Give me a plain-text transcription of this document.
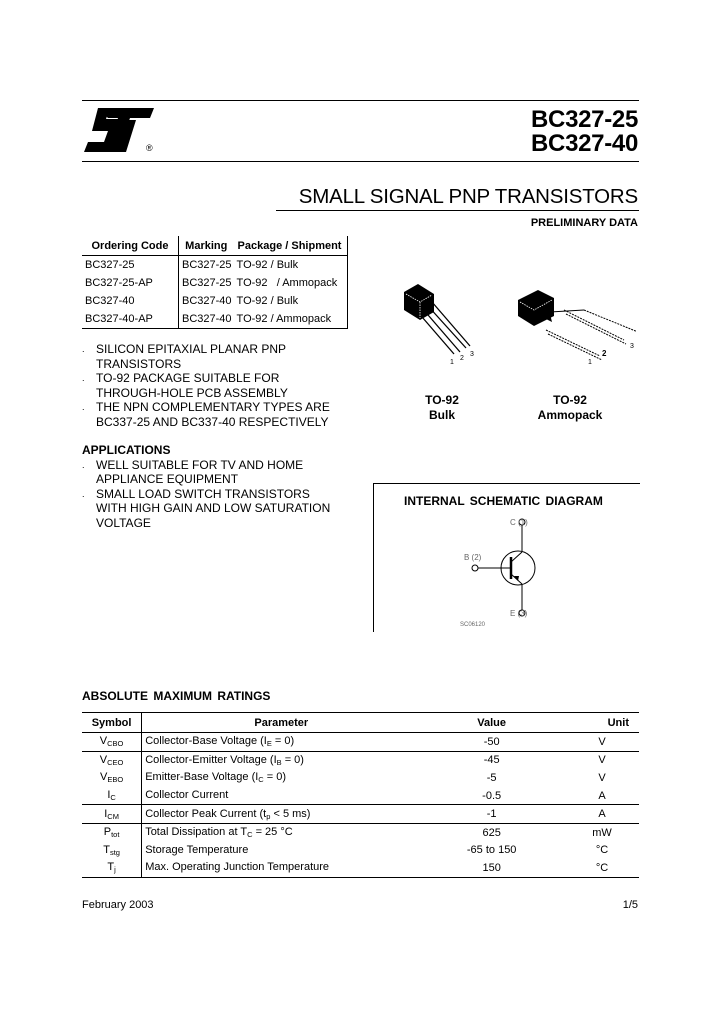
®
BC327-25
BC327-40
SMALL SIGNAL PNP TRANSISTORS
PRELIMINARY DATA
Ordering Code	Marking	Package / Shipment
BC327-25	BC327-25	TO-92 / Bulk
BC327-25-AP	BC327-25	TO-92   / Ammopack
BC327-40	BC327-40	TO-92 / Bulk
BC327-40-AP	BC327-40	TO-92 / Ammopack
. SILICON EPITAXIAL PLANAR PNP
TRANSISTORS
. TO-92 PACKAGE SUITABLE FOR
THROUGH-HOLE PCB ASSEMBLY
. THE NPN COMPLEMENTARY TYPES ARE
BC337-25 AND BC337-40 RESPECTIVELY
APPLICATIONS
. WELL SUITABLE FOR TV AND HOME
APPLIANCE EQUIPMENT
. SMALL LOAD SWITCH TRANSISTORS
WITH HIGH GAIN AND LOW SATURATION
VOLTAGE
1
2
3
TO-92
Bulk
1
2
3
TO-92
Ammopack
INTERNAL SCHEMATIC DIAGRAM
C (1)
B (2)
E (3)
SC06120
ABSOLUTE MAXIMUM RATINGS
Symbol	Parameter	Value	Unit
$V_{CBO}$	Collector-Base Voltage $(I_E = 0)$	-50	V
$V_{CEO}$	Collector-Emitter Voltage $(I_B = 0)$	-45	V
$V_{EBO}$	Emitter-Base Voltage $(I_C = 0)$	-5	V
$I_C$	Collector Current	-0.5	A
$I_{CM}$	Collector Peak Current ($t_p < 5$ ms)	-1	A
$P_{tot}$	Total Dissipation at $T_C = 25$ °C	625	mW
$T_{stg}$	Storage Temperature	-65 to 150	°C
$T_j$	Max. Operating Junction Temperature	150	°C
February 2003	1/5
